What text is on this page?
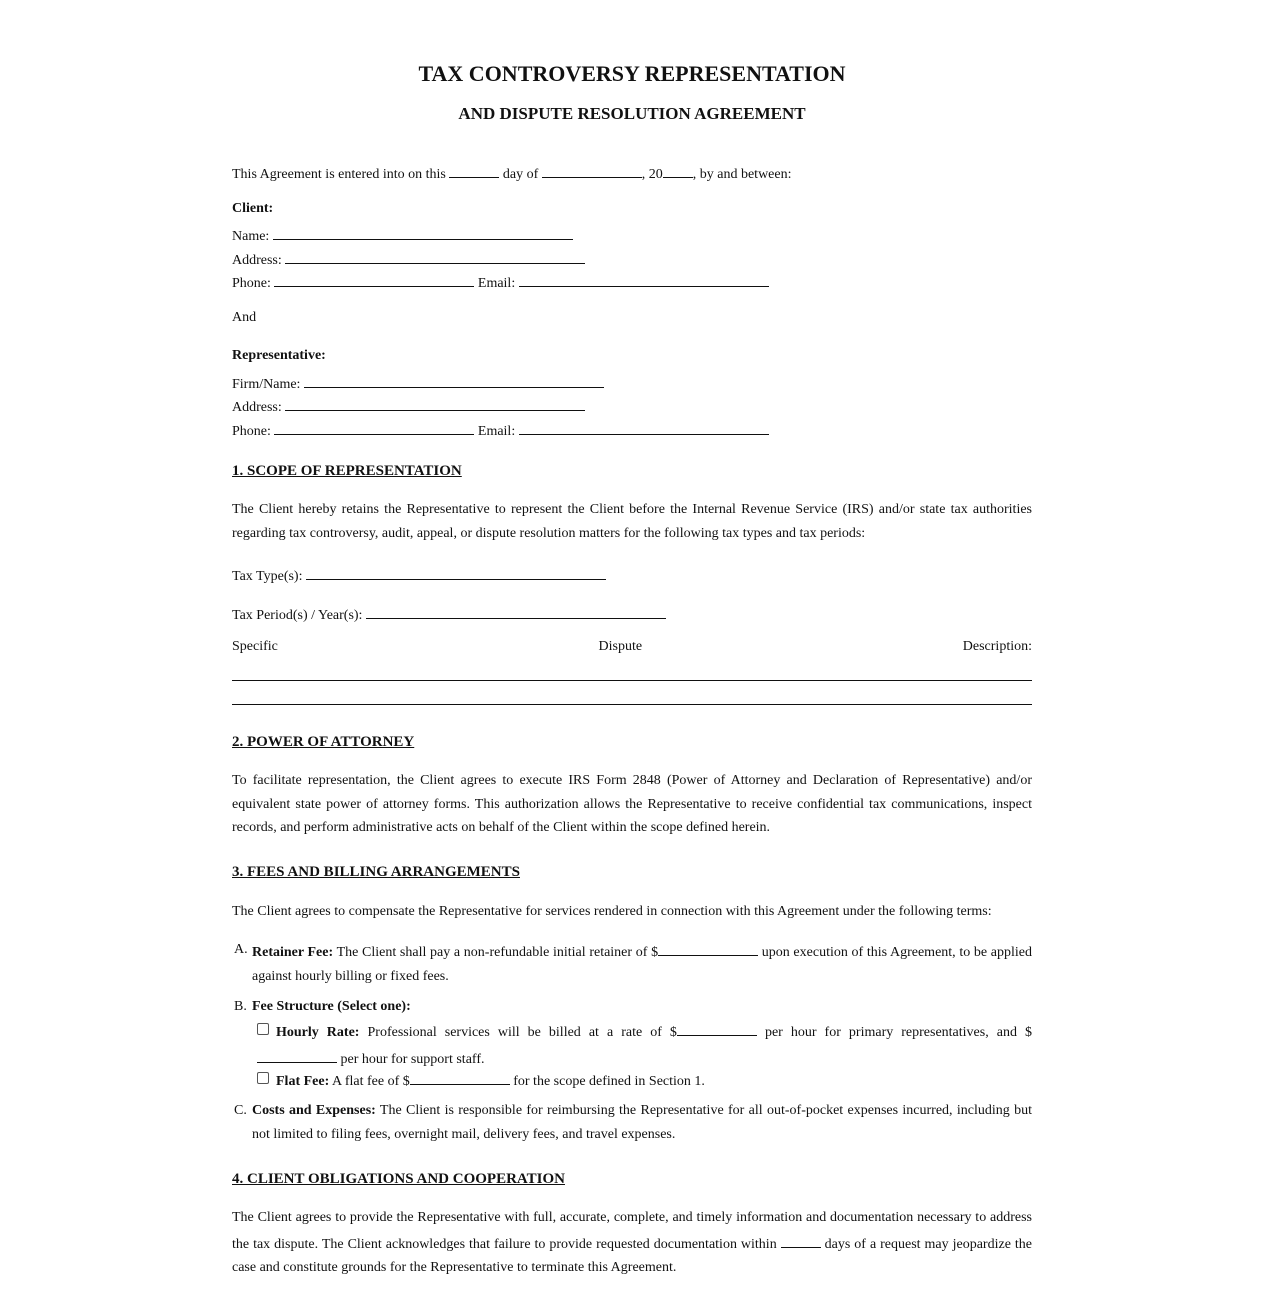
TAX CONTROVERSY REPRESENTATION
AND DISPUTE RESOLUTION AGREEMENT
This Agreement is entered into on this	day of	, 20 , by and between:
Client:
Name:
Address:
Phone:	Email:
And
Representative:
Firm/Name:
Address:
Phone:	Email:
1. SCOPE OF REPRESENTATION
The Client hereby retains the Representative to represent the Client before the Internal Revenue Service (IRS) and/or state tax authorities regarding tax controversy, audit, appeal, or dispute resolution matters for the following tax types and tax periods:
Tax Type(s):
Tax Period(s) / Year(s):
Specific	Dispute	Description:
2. POWER OF ATTORNEY
To facilitate representation, the Client agrees to execute IRS Form 2848 (Power of Attorney and Declaration of Representative) and/or equivalent state power of attorney forms. This authorization allows the Representative to receive confidential tax communications, inspect records, and perform administrative acts on behalf of the Client within the scope defined herein.
3. FEES AND BILLING ARRANGEMENTS
The Client agrees to compensate the Representative for services rendered in connection with this Agreement under the following terms:
A. Retainer Fee: The Client shall pay a non-refundable initial retainer of $	upon execution of this Agreement, to be applied against hourly billing or fixed fees.
B. Fee Structure (Select one):
Hourly Rate: Professional services will be billed at a rate of $	per hour for primary representatives, and $  per hour for support staff.
Flat Fee: A flat fee of $	for the scope defined in Section 1.
C. Costs and Expenses: The Client is responsible for reimbursing the Representative for all out-of-pocket expenses incurred, including but not limited to filing fees, overnight mail, delivery fees, and travel expenses.
4. CLIENT OBLIGATIONS AND COOPERATION
The Client agrees to provide the Representative with full, accurate, complete, and timely information and documentation necessary to address the tax dispute. The Client acknowledges that failure to provide requested documentation within	days of a request may jeopardize the case and constitute grounds for the Representative to terminate this Agreement.
